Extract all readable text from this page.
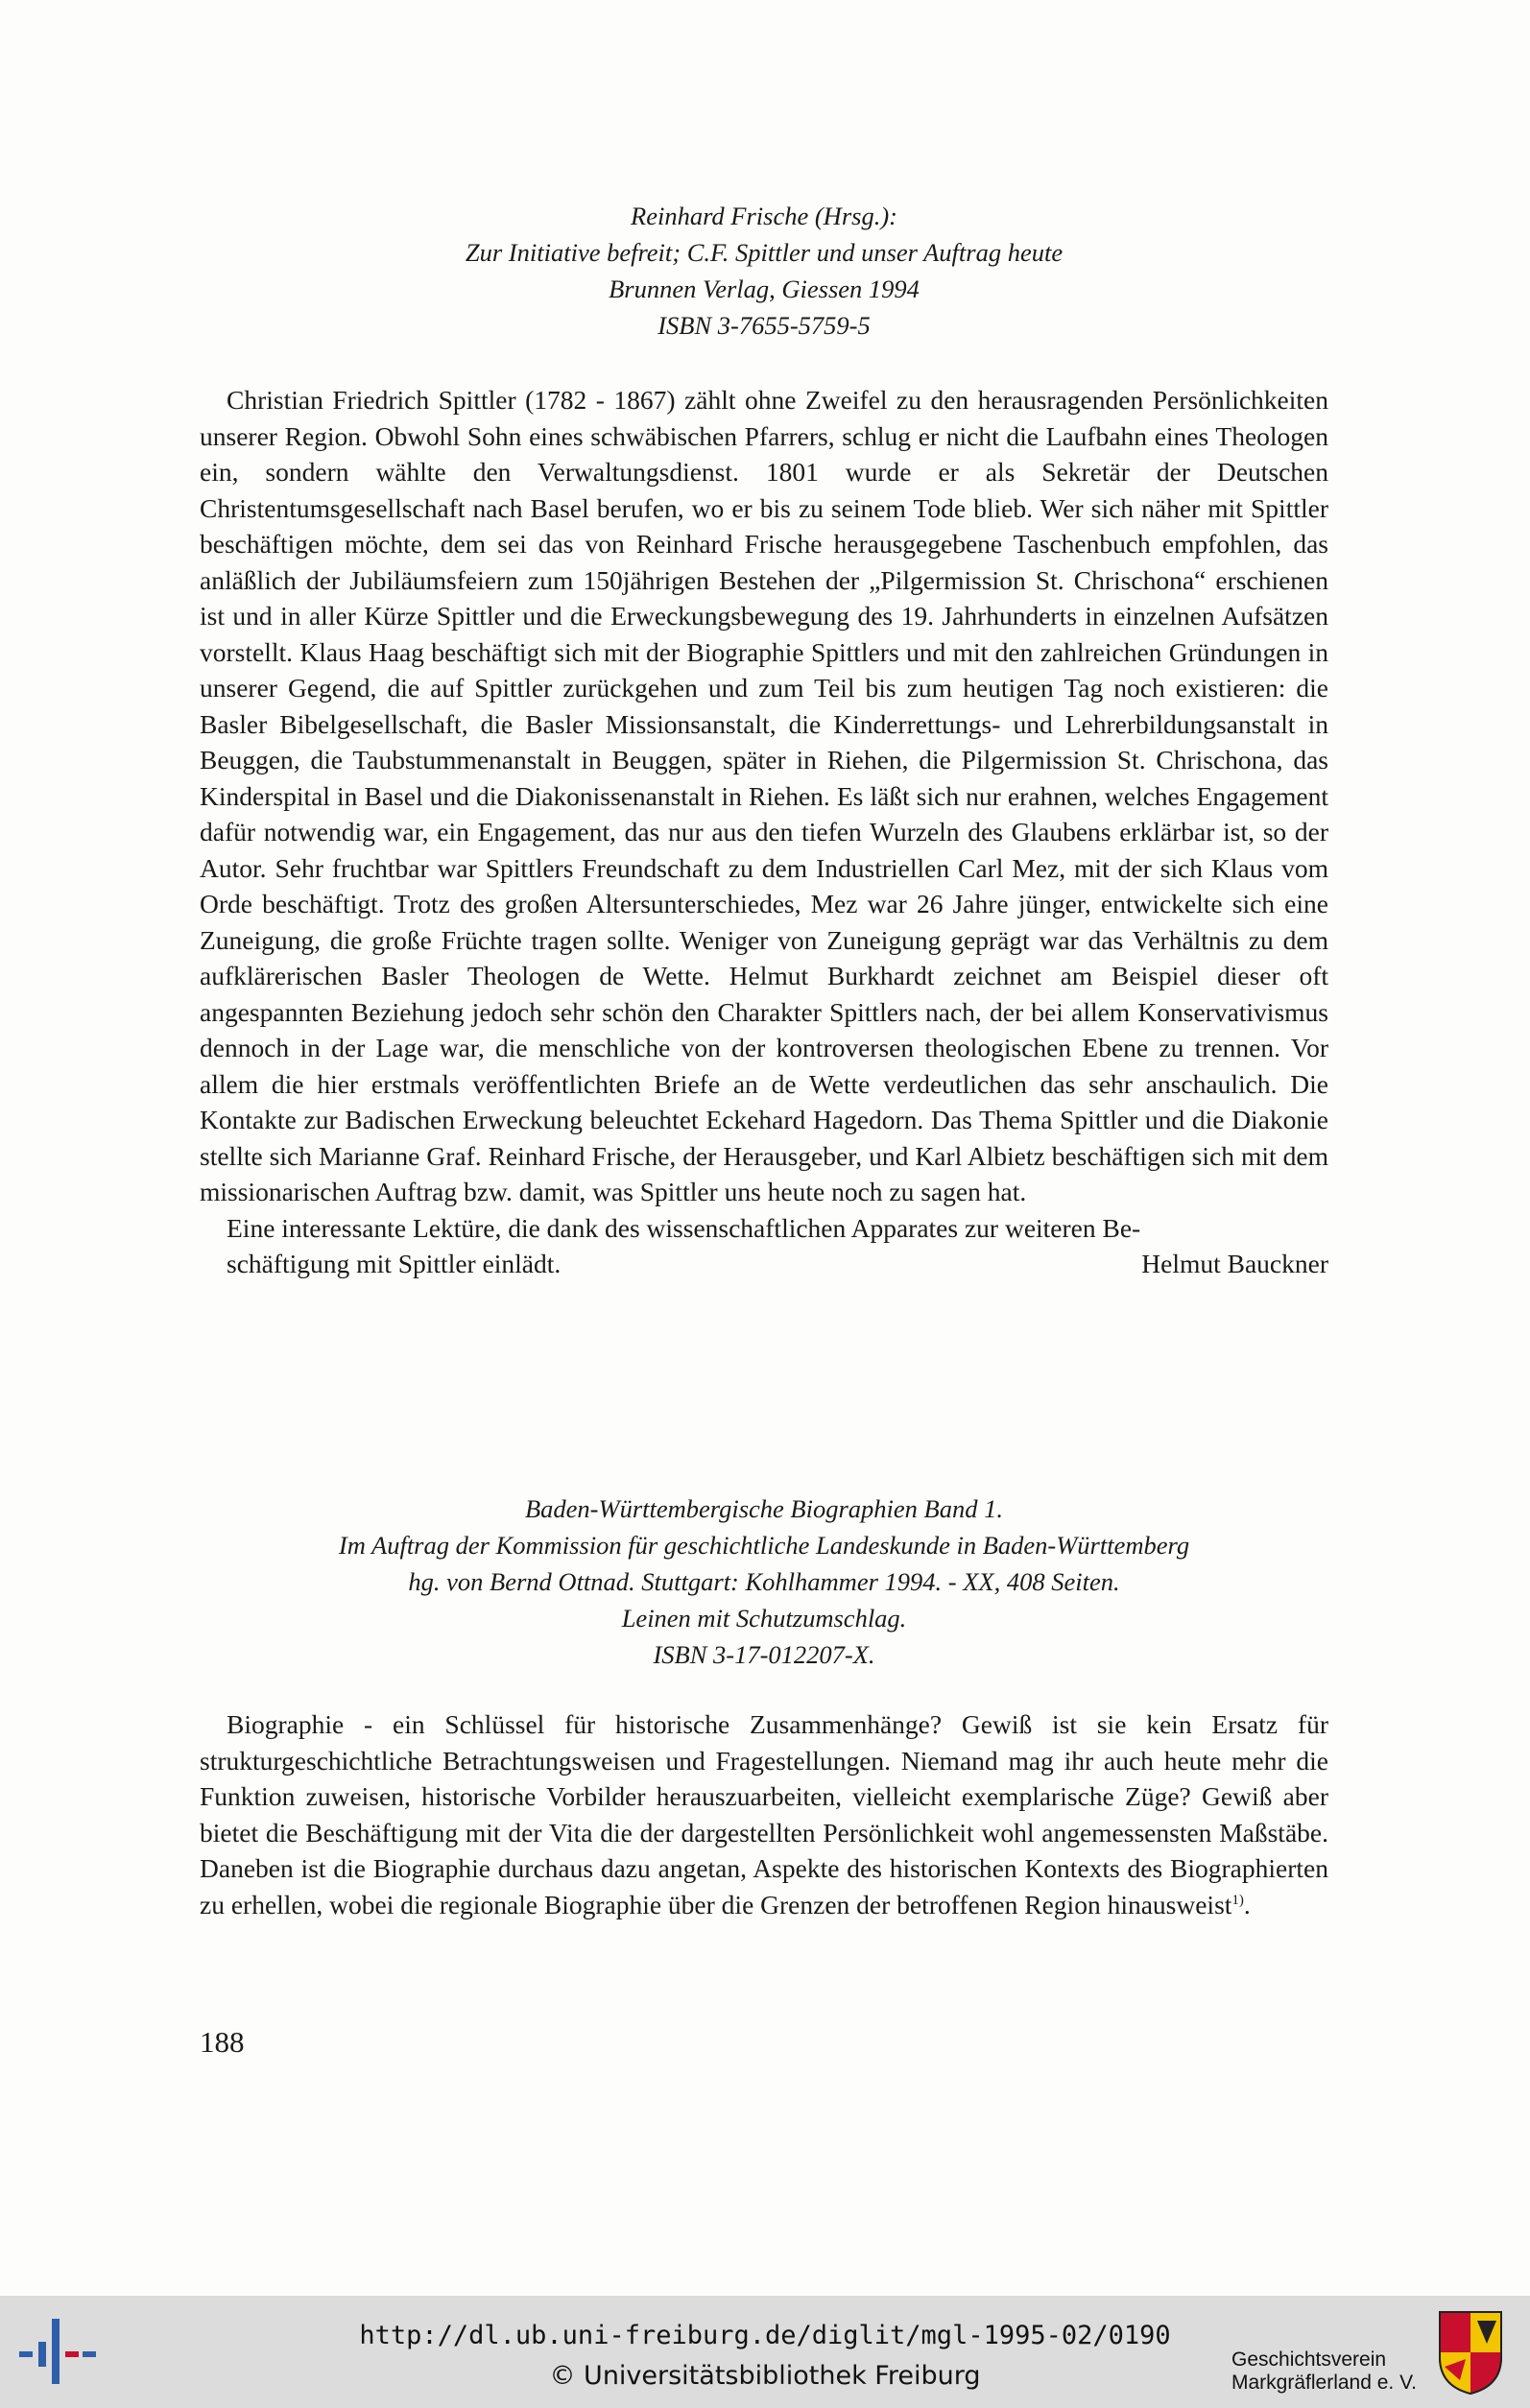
Reinhard Frische (Hrsg.):
Zur Initiative befreit; C.F. Spittler und unser Auftrag heute
Brunnen Verlag, Giessen 1994
ISBN 3-7655-5759-5

Christian Friedrich Spittler (1782 - 1867) zählt ohne Zweifel zu den herausragenden Persönlichkeiten unserer Region. Obwohl Sohn eines schwäbischen Pfarrers, schlug er nicht die Laufbahn eines Theologen ein, sondern wählte den Verwaltungsdienst. 1801 wurde er als Sekretär der Deutschen Christentumsgesellschaft nach Basel berufen, wo er bis zu seinem Tode blieb. Wer sich näher mit Spittler beschäftigen möchte, dem sei das von Reinhard Frische herausgegebene Taschenbuch empfohlen, das anläßlich der Jubiläumsfeiern zum 150jährigen Bestehen der „Pilgermission St. Chrischona“ erschienen ist und in aller Kürze Spittler und die Erweckungsbewegung des 19. Jahrhunderts in einzelnen Aufsätzen vorstellt. Klaus Haag beschäftigt sich mit der Biographie Spittlers und mit den zahlreichen Gründungen in unserer Gegend, die auf Spittler zurückgehen und zum Teil bis zum heutigen Tag noch existieren: die Basler Bibelgesellschaft, die Basler Missionsanstalt, die Kinderrettungs- und Lehrerbildungsanstalt in Beuggen, die Taubstummenanstalt in Beuggen, später in Riehen, die Pilgermission St. Chrischona, das Kinderspital in Basel und die Diakonissenanstalt in Riehen. Es läßt sich nur erahnen, welches Engagement dafür notwendig war, ein Engagement, das nur aus den tiefen Wurzeln des Glaubens erklärbar ist, so der Autor. Sehr fruchtbar war Spittlers Freundschaft zu dem Industriellen Carl Mez, mit der sich Klaus vom Orde beschäftigt. Trotz des großen Altersunterschiedes, Mez war 26 Jahre jünger, entwickelte sich eine Zuneigung, die große Früchte tragen sollte. Weniger von Zuneigung geprägt war das Verhältnis zu dem aufklärerischen Basler Theologen de Wette. Helmut Burkhardt zeichnet am Beispiel dieser oft angespannten Beziehung jedoch sehr schön den Charakter Spittlers nach, der bei allem Konservativismus dennoch in der Lage war, die menschliche von der kontroversen theologischen Ebene zu trennen. Vor allem die hier erstmals veröffentlichten Briefe an de Wette verdeutlichen das sehr anschaulich. Die Kontakte zur Badischen Erweckung beleuchtet Eckehard Hagedorn. Das Thema Spittler und die Diakonie stellte sich Marianne Graf. Reinhard Frische, der Herausgeber, und Karl Albietz beschäftigen sich mit dem missionarischen Auftrag bzw. damit, was Spittler uns heute noch zu sagen hat.

Eine interessante Lektüre, die dank des wissenschaftlichen Apparates zur weiteren Be-

schäftigung mit Spittler einlädt.	Helmut Bauckner
Baden-Württembergische Biographien Band 1.
Im Auftrag der Kommission für geschichtliche Landeskunde in Baden-Württemberg
hg. von Bernd Ottnad. Stuttgart: Kohlhammer 1994. - XX, 408 Seiten.
Leinen mit Schutzumschlag.
ISBN 3-17-012207-X.

Biographie - ein Schlüssel für historische Zusammenhänge? Gewiß ist sie kein Ersatz für strukturgeschichtliche Betrachtungsweisen und Fragestellungen. Niemand mag ihr auch heute mehr die Funktion zuweisen, historische Vorbilder herauszuarbeiten, vielleicht exemplarische Züge? Gewiß aber bietet die Beschäftigung mit der Vita die der dargestellten Persönlichkeit wohl angemessensten Maßstäbe. Daneben ist die Biographie durchaus dazu angetan, Aspekte des historischen Kontexts des Biographierten zu erhellen, wobei die regionale Biographie über die Grenzen der betroffenen Region hinausweist$^{1)}$.

188
http://dl.ub.uni-freiburg.de/diglit/mgl-1995-02/0190
© Universitätsbibliothek Freiburg
Geschichtsverein
Markgräflerland e. V.
